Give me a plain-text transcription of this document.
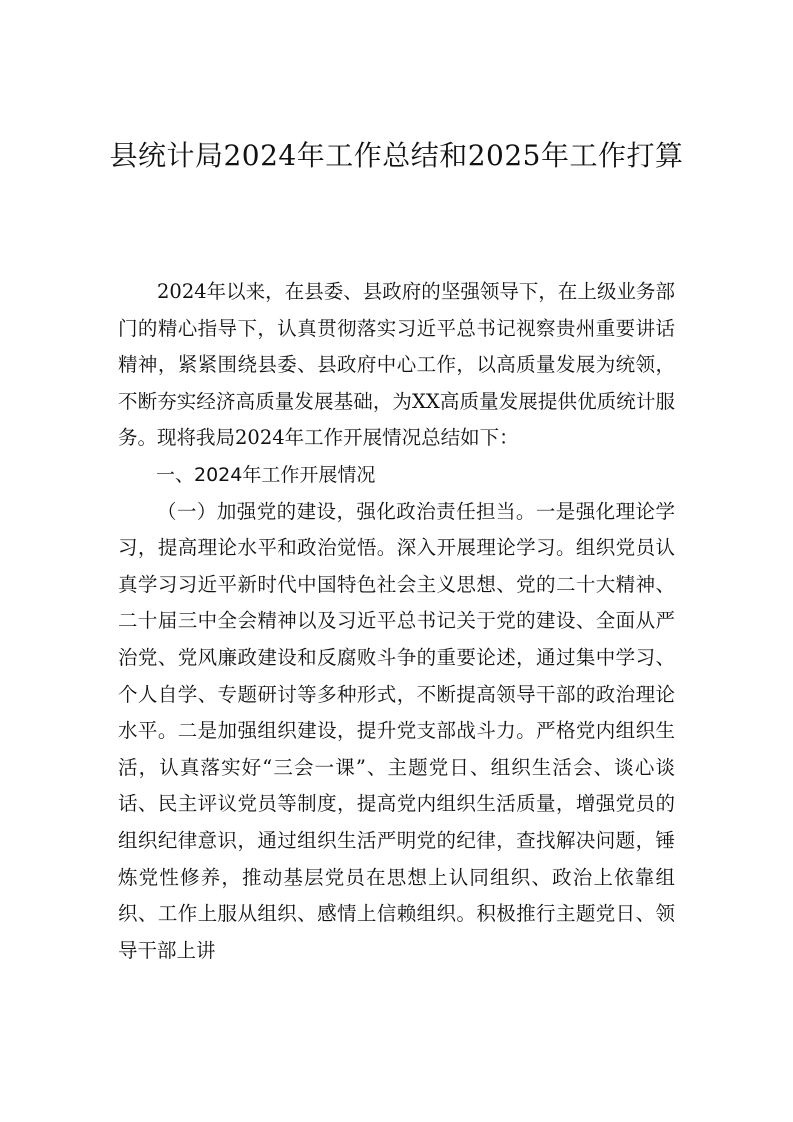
县统计局2024年工作总结和2025年工作打算

2024年以来，在县委、县政府的坚强领导下，在上级业务部门的精心指导下，认真贯彻落实习近平总书记视察贵州重要讲话精神，紧紧围绕县委、县政府中心工作，以高质量发展为统领，不断夯实经济高质量发展基础，为XX高质量发展提供优质统计服务。现将我局2024年工作开展情况总结如下：

一、2024年工作开展情况

（一）加强党的建设，强化政治责任担当。一是强化理论学习，提高理论水平和政治觉悟。深入开展理论学习。组织党员认真学习习近平新时代中国特色社会主义思想、党的二十大精神、二十届三中全会精神以及习近平总书记关于党的建设、全面从严治党、党风廉政建设和反腐败斗争的重要论述，通过集中学习、个人自学、专题研讨等多种形式，不断提高领导干部的政治理论水平。二是加强组织建设，提升党支部战斗力。严格党内组织生活，认真落实好“三会一课”、主题党日、组织生活会、谈心谈话、民主评议党员等制度，提高党内组织生活质量，增强党员的组织纪律意识，通过组织生活严明党的纪律，查找解决问题，锤炼党性修养，推动基层党员在思想上认同组织、政治上依靠组织、工作上服从组织、感情上信赖组织。积极推行主题党日、领导干部上讲
